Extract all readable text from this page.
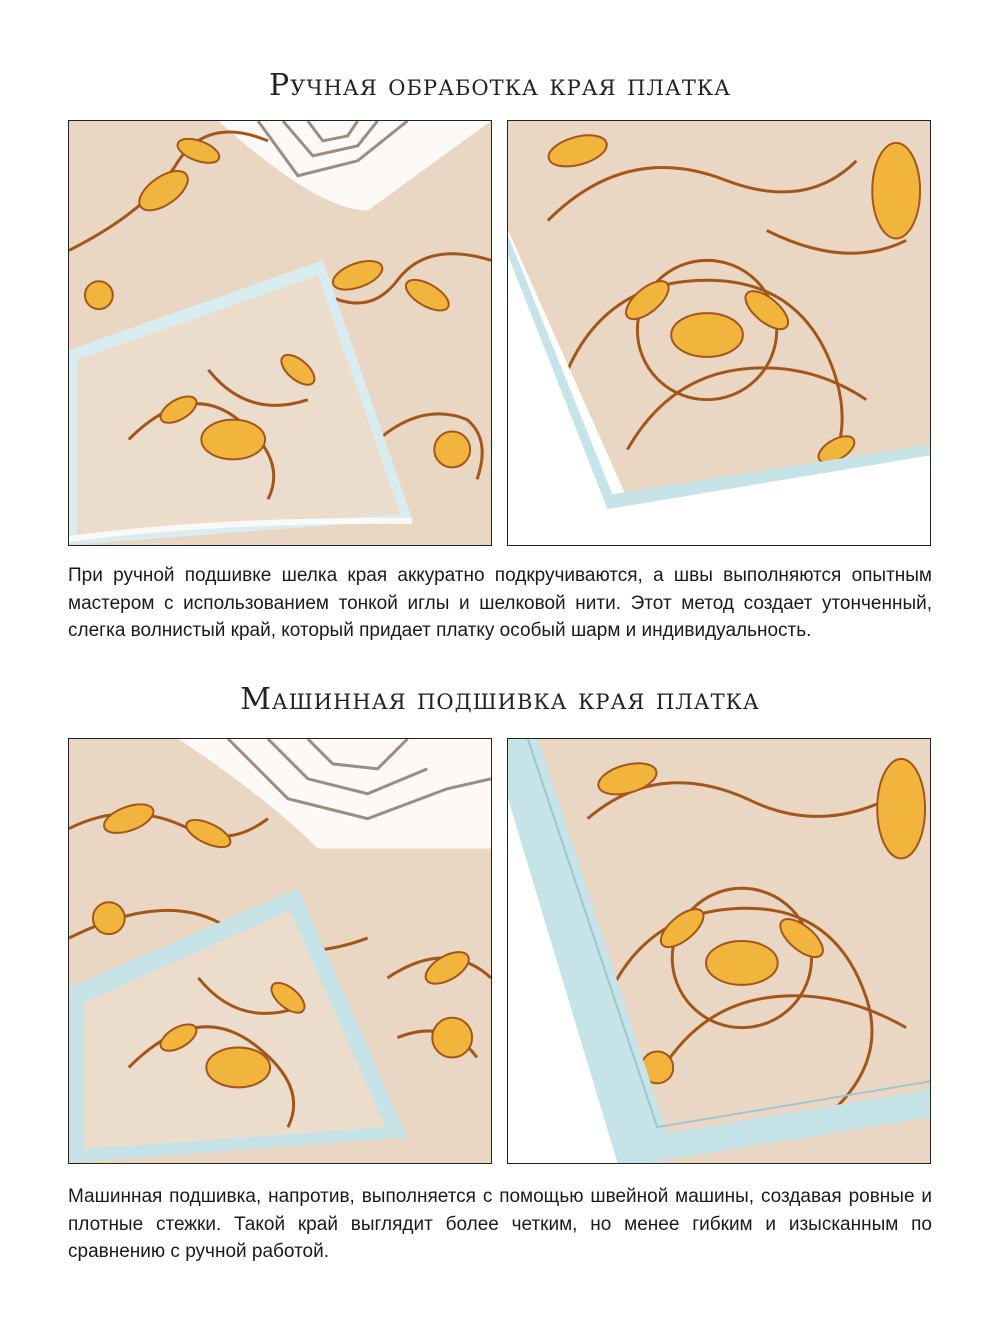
Ручная обработка края платка

При ручной подшивке шелка края аккуратно подкручиваются, а швы выполняются опытным мастером с использованием тонкой иглы и шелковой нити. Этот метод создает утонченный, слегка волнистый край, который придает платку особый шарм и индивидуальность.

Машинная подшивка края платка

Машинная подшивка, напротив, выполняется с помощью швейной машины, создавая ровные и плотные стежки. Такой край выглядит более четким, но менее гибким и изысканным по сравнению с ручной работой.
